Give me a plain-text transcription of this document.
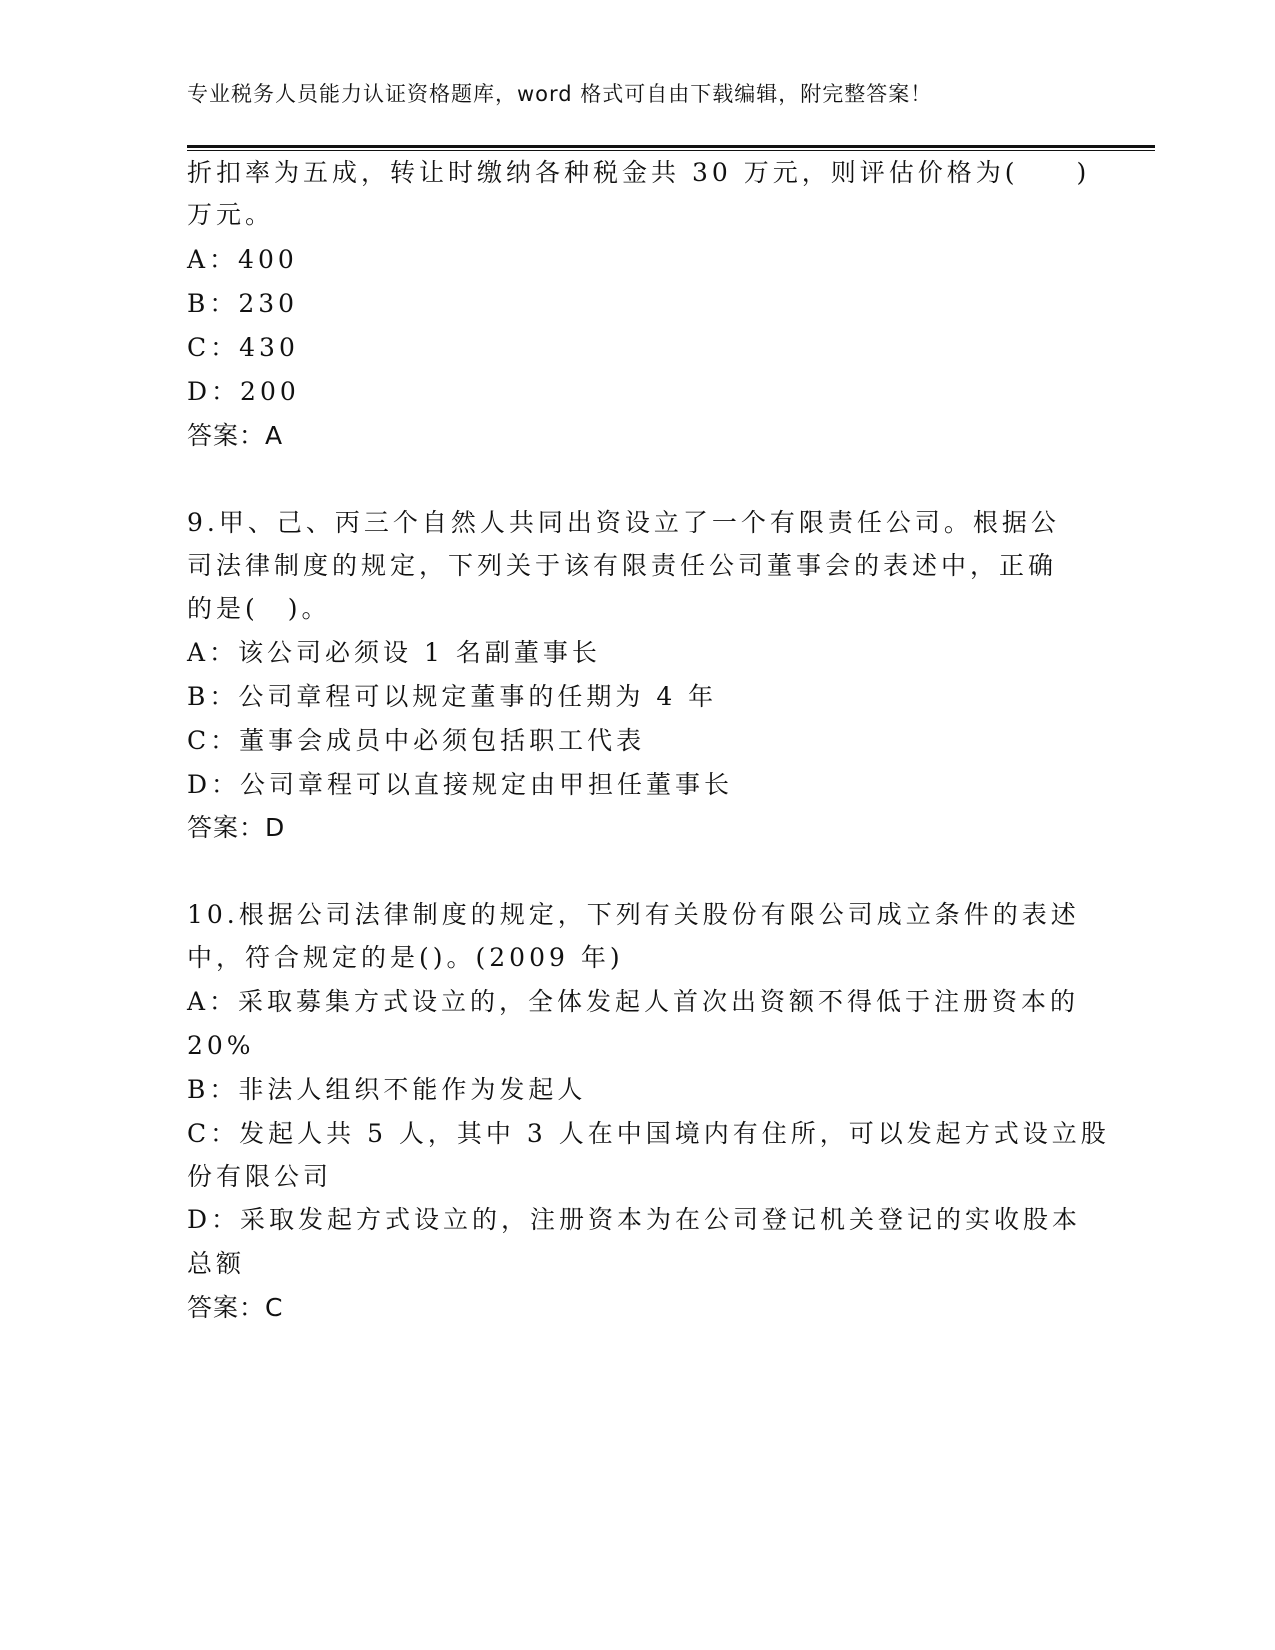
专业税务人员能力认证资格题库，word 格式可自由下载编辑，附完整答案！
折扣率为五成，转让时缴纳各种税金共 30 万元，则评估价格为(　　)
万元。
A：400
B：230
C：430
D：200
答案：A
9.甲、己、丙三个自然人共同出资设立了一个有限责任公司。根据公
司法律制度的规定，下列关于该有限责任公司董事会的表述中，正确
的是(　)。
A：该公司必须设 1 名副董事长
B：公司章程可以规定董事的任期为 4 年
C：董事会成员中必须包括职工代表
D：公司章程可以直接规定由甲担任董事长
答案：D
10.根据公司法律制度的规定，下列有关股份有限公司成立条件的表述
中，符合规定的是()。(2009 年)
A：采取募集方式设立的，全体发起人首次出资额不得低于注册资本的
20%
B：非法人组织不能作为发起人
C：发起人共 5 人，其中 3 人在中国境内有住所，可以发起方式设立股
份有限公司
D：采取发起方式设立的，注册资本为在公司登记机关登记的实收股本
总额
答案：C
